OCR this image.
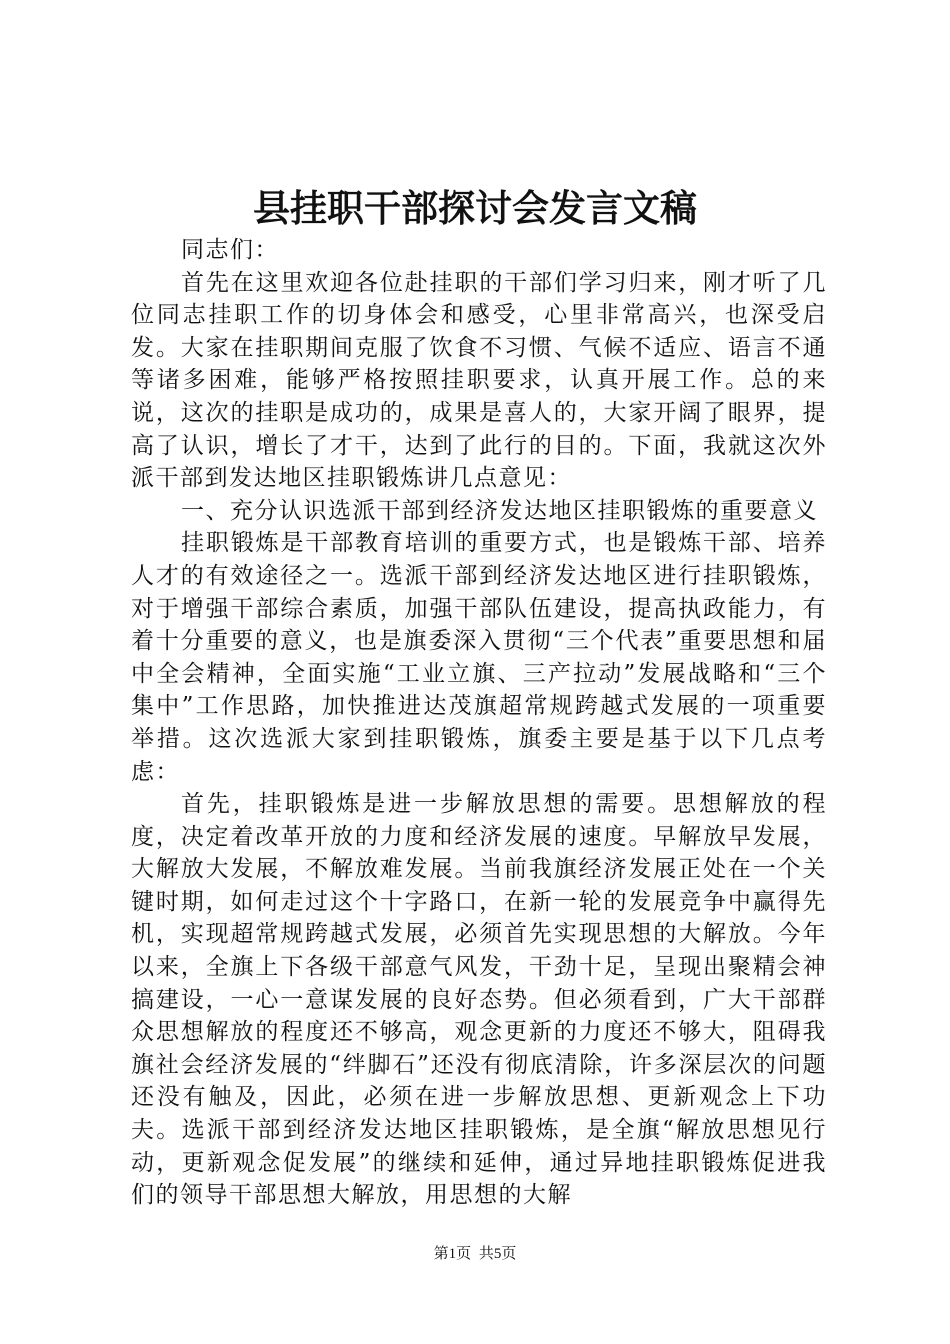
县挂职干部探讨会发言文稿

同志们：

首先在这里欢迎各位赴挂职的干部们学习归来，刚才听了几位同志挂职工作的切身体会和感受，心里非常高兴，也深受启发。大家在挂职期间克服了饮食不习惯、气候不适应、语言不通等诸多困难，能够严格按照挂职要求，认真开展工作。总的来说，这次的挂职是成功的，成果是喜人的，大家开阔了眼界，提高了认识，增长了才干，达到了此行的目的。下面，我就这次外派干部到发达地区挂职锻炼讲几点意见：

一、充分认识选派干部到经济发达地区挂职锻炼的重要意义

挂职锻炼是干部教育培训的重要方式，也是锻炼干部、培养人才的有效途径之一。选派干部到经济发达地区进行挂职锻炼，对于增强干部综合素质，加强干部队伍建设，提高执政能力，有着十分重要的意义，也是旗委深入贯彻“三个代表”重要思想和届中全会精神，全面实施“工业立旗、三产拉动”发展战略和“三个集中”工作思路，加快推进达茂旗超常规跨越式发展的一项重要举措。这次选派大家到挂职锻炼，旗委主要是基于以下几点考虑：

首先，挂职锻炼是进一步解放思想的需要。思想解放的程度，决定着改革开放的力度和经济发展的速度。早解放早发展，大解放大发展，不解放难发展。当前我旗经济发展正处在一个关键时期，如何走过这个十字路口，在新一轮的发展竞争中赢得先机，实现超常规跨越式发展，必须首先实现思想的大解放。今年以来，全旗上下各级干部意气风发，干劲十足，呈现出聚精会神搞建设，一心一意谋发展的良好态势。但必须看到，广大干部群众思想解放的程度还不够高，观念更新的力度还不够大，阻碍我旗社会经济发展的“绊脚石”还没有彻底清除，许多深层次的问题还没有触及，因此，必须在进一步解放思想、更新观念上下功夫。选派干部到经济发达地区挂职锻炼，是全旗“解放思想见行动，更新观念促发展”的继续和延伸，通过异地挂职锻炼促进我们的领导干部思想大解放，用思想的大解

第1页 共5页
